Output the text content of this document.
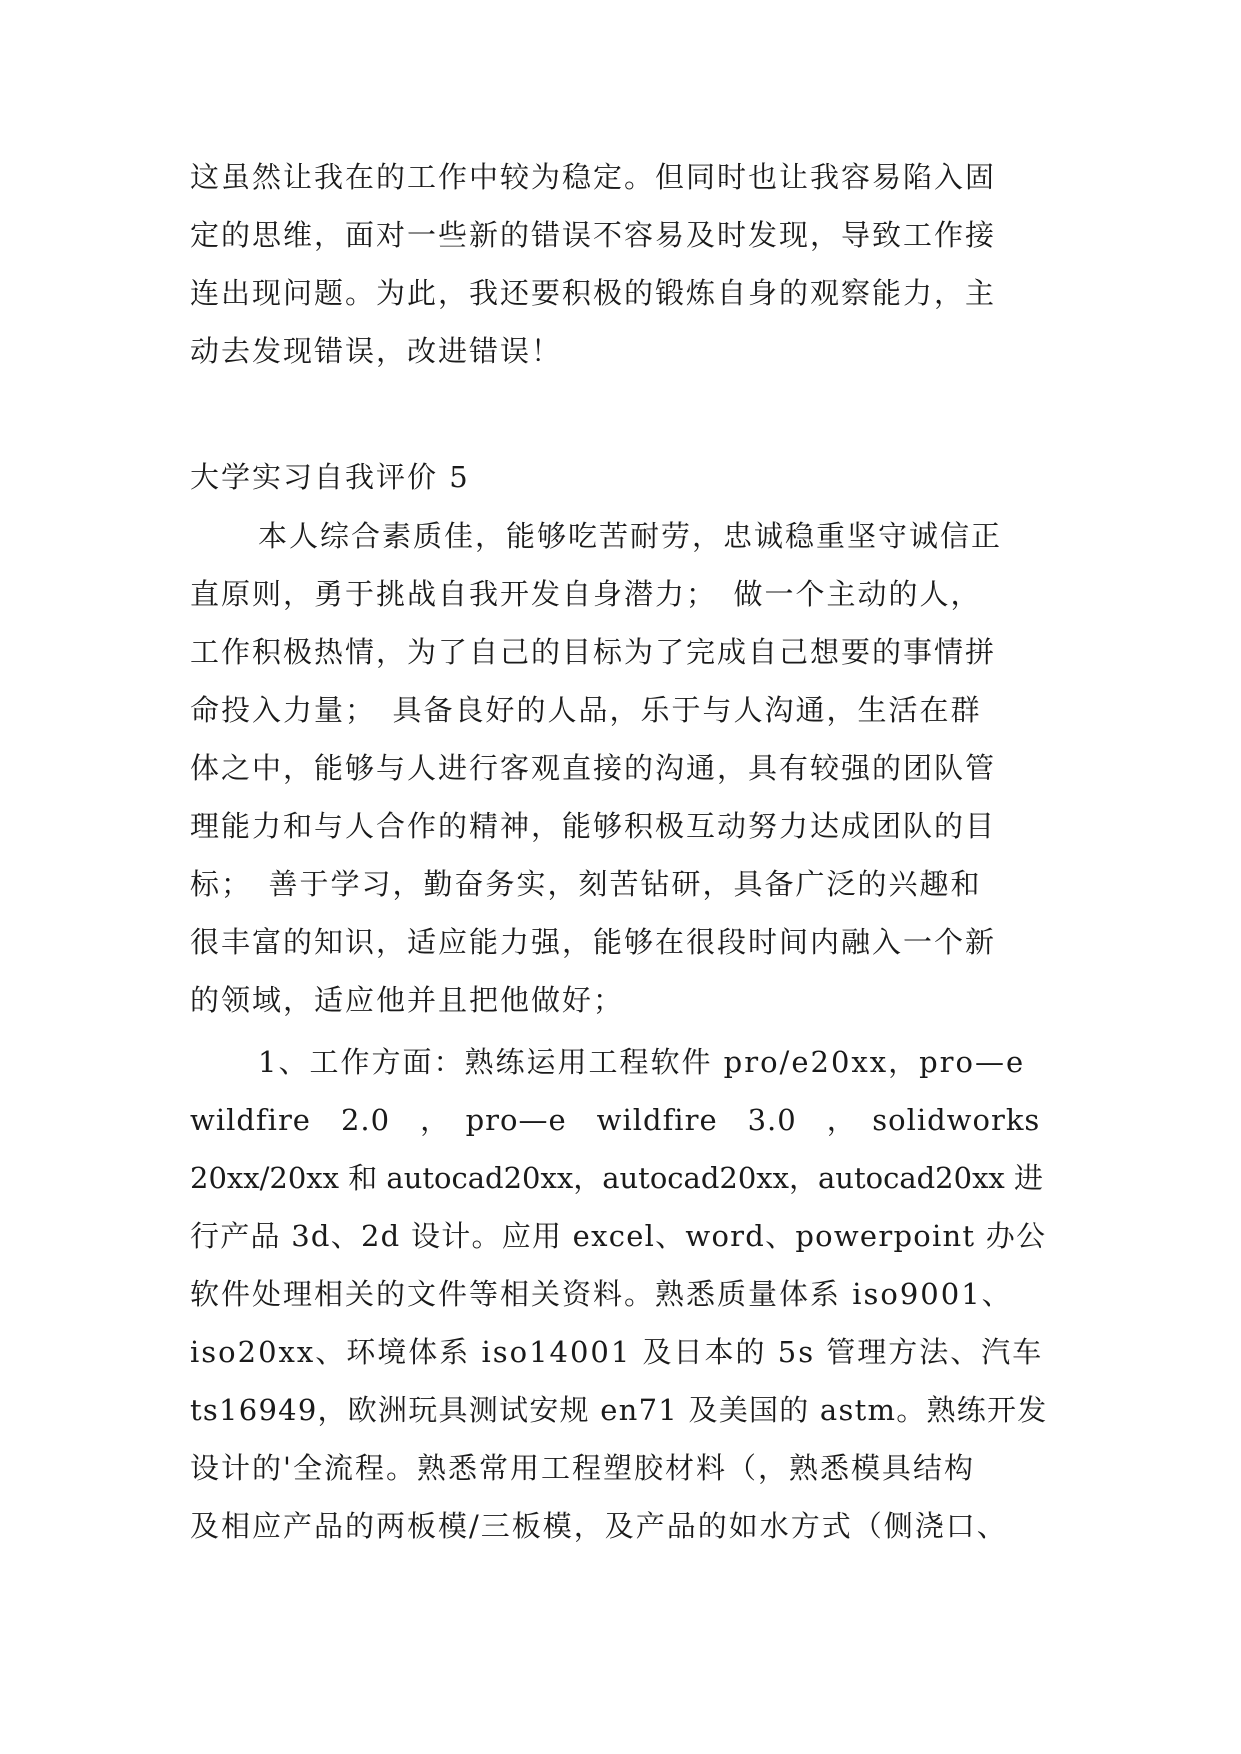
这虽然让我在的工作中较为稳定。但同时也让我容易陷入固
定的思维，面对一些新的错误不容易及时发现，导致工作接
连出现问题。为此，我还要积极的锻炼自身的观察能力，主
动去发现错误，改进错误！
大学实习自我评价 5
本人综合素质佳，能够吃苦耐劳，忠诚稳重坚守诚信正
直原则，勇于挑战自我开发自身潜力；　做一个主动的人，
工作积极热情，为了自己的目标为了完成自己想要的事情拼
命投入力量；　具备良好的人品，乐于与人沟通，生活在群
体之中，能够与人进行客观直接的沟通，具有较强的团队管
理能力和与人合作的精神，能够积极互动努力达成团队的目
标；　善于学习，勤奋务实，刻苦钻研，具备广泛的兴趣和
很丰富的知识，适应能力强，能够在很段时间内融入一个新
的领域，适应他并且把他做好；
1、工作方面：熟练运用工程软件 pro/e20xx，pro—e
wildfire　2.0　，　pro—e　wildfire　3.0　，　solidworks
20xx/20xx 和 autocad20xx，autocad20xx，autocad20xx 进
行产品 3d、2d 设计。应用 excel、word、powerpoint 办公
软件处理相关的文件等相关资料。熟悉质量体系 iso9001、
iso20xx、环境体系 iso14001 及日本的 5s 管理方法、汽车
ts16949，欧洲玩具测试安规 en71 及美国的 astm。熟练开发
设计的'全流程。熟悉常用工程塑胶材料（，熟悉模具结构
及相应产品的两板模/三板模，及产品的如水方式（侧浇口、
